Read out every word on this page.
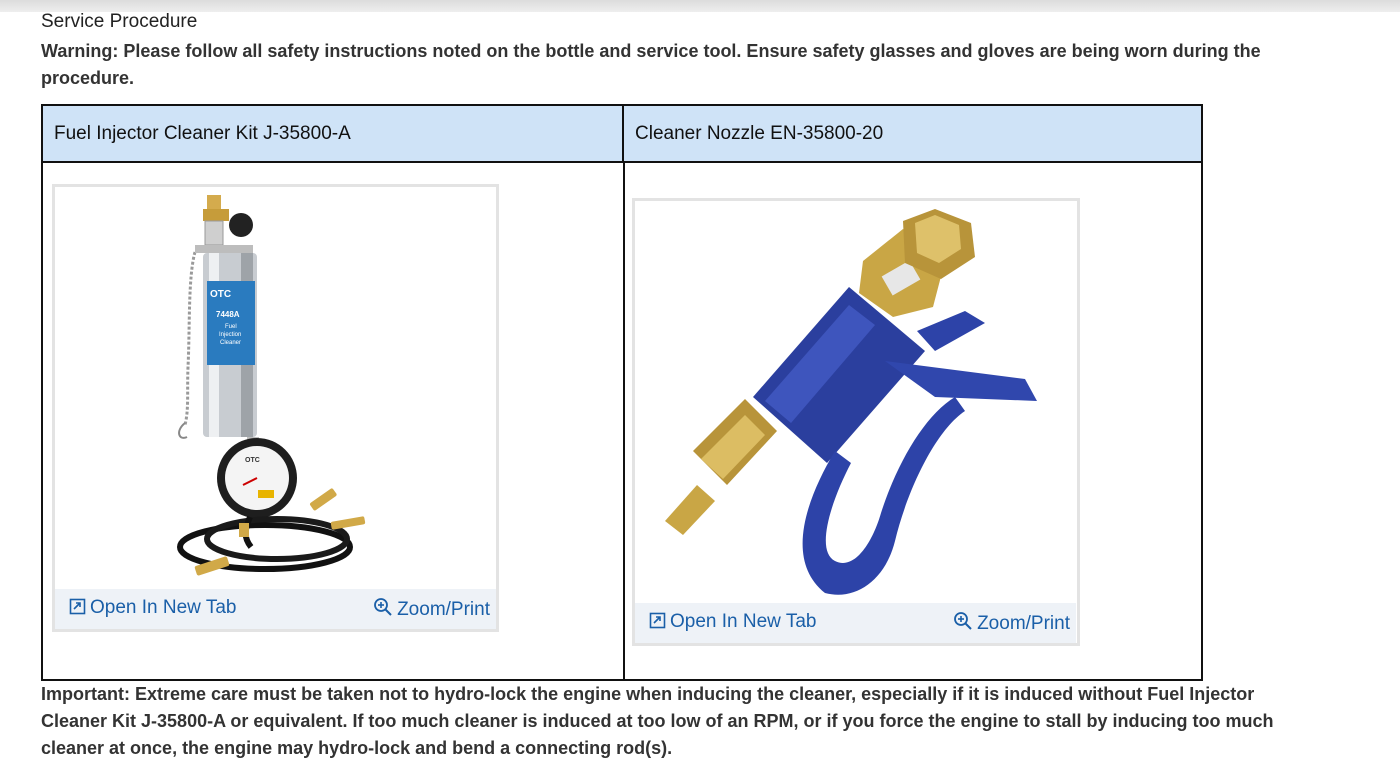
Service Procedure
Warning: Please follow all safety instructions noted on the bottle and service tool. Ensure safety glasses and gloves are being worn during the procedure.
Fuel Injector Cleaner Kit J-35800-A	Cleaner Nozzle EN-35800-20
OTC
7448A
Fuel
Injection
Cleaner
OTC
Open In New Tab	Zoom/Print
Open In New Tab	Zoom/Print
Important: Extreme care must be taken not to hydro-lock the engine when inducing the cleaner, especially if it is induced without Fuel Injector Cleaner Kit J-35800-A or equivalent. If too much cleaner is induced at too low of an RPM, or if you force the engine to stall by inducing too much cleaner at once, the engine may hydro-lock and bend a connecting rod(s).
